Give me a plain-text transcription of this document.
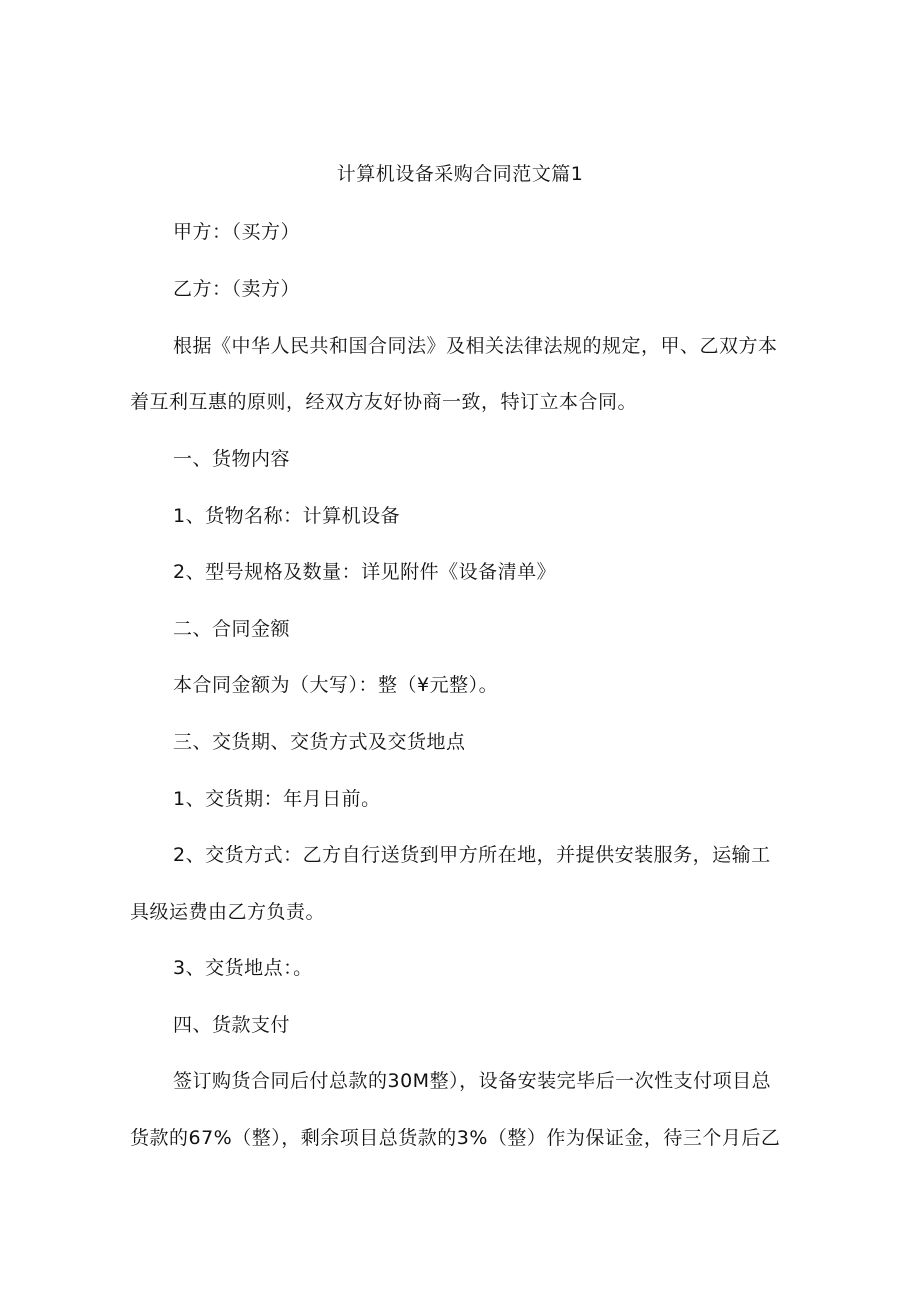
计算机设备采购合同范文篇1
甲方：（买方）
乙方：（卖方）
根据《中华人民共和国合同法》及相关法律法规的规定，甲、乙双方本
着互利互惠的原则，经双方友好协商一致，特订立本合同。
一、货物内容
1、货物名称：计算机设备
2、型号规格及数量：详见附件《设备清单》
二、合同金额
本合同金额为（大写）：整（¥元整）。
三、交货期、交货方式及交货地点
1、交货期：年月日前。
2、交货方式：乙方自行送货到甲方所在地，并提供安装服务，运输工
具级运费由乙方负责。
3、交货地点：。
四、货款支付
签订购货合同后付总款的30M整），设备安装完毕后一次性支付项目总
货款的67%（整），剩余项目总货款的3%（整）作为保证金，待三个月后乙
